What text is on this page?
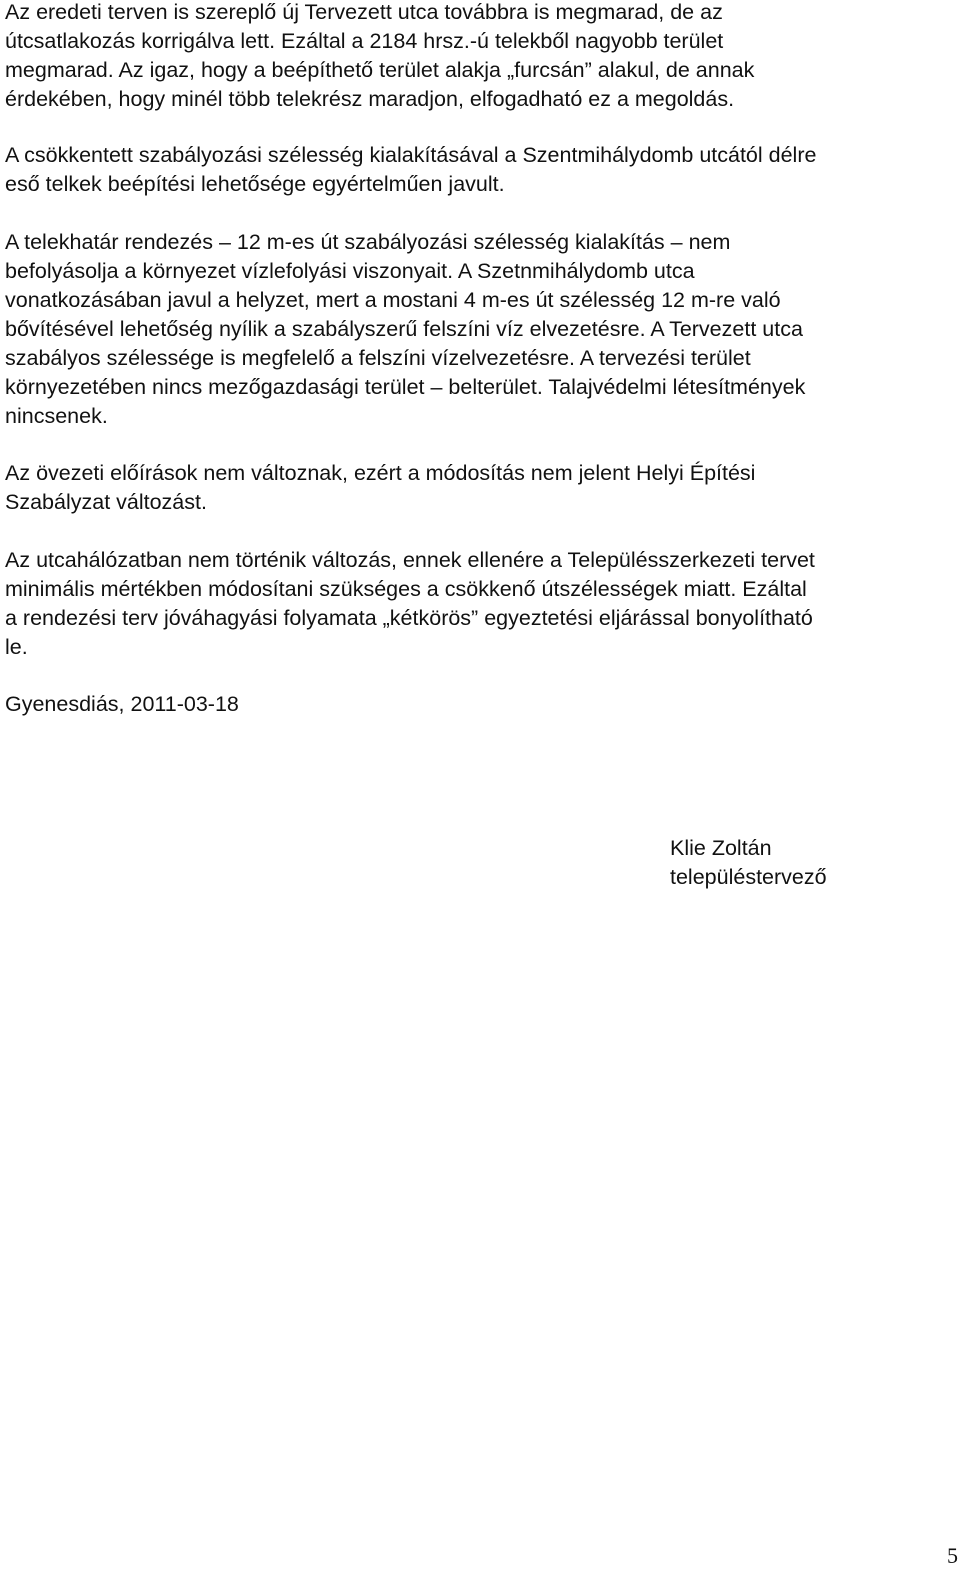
Az eredeti terven is szereplő új Tervezett utca továbbra is megmarad, de az
útcsatlakozás korrigálva lett. Ezáltal a 2184 hrsz.-ú telekből nagyobb terület
megmarad. Az igaz, hogy a beépíthető terület alakja „furcsán” alakul, de annak
érdekében, hogy minél több telekrész maradjon, elfogadható ez a megoldás.

A csökkentett szabályozási szélesség kialakításával a Szentmihálydomb utcától délre
eső telkek beépítési lehetősége egyértelműen javult.

A telekhatár rendezés – 12 m-es út szabályozási szélesség kialakítás – nem
befolyásolja a környezet vízlefolyási viszonyait. A Szetnmihálydomb utca
vonatkozásában javul a helyzet, mert a mostani 4 m-es út szélesség 12 m-re való
bővítésével lehetőség nyílik a szabályszerű felszíni víz elvezetésre. A Tervezett utca
szabályos szélessége is megfelelő a felszíni vízelvezetésre. A tervezési terület
környezetében nincs mezőgazdasági terület – belterület. Talajvédelmi létesítmények
nincsenek.

Az övezeti előírások nem változnak, ezért a módosítás nem jelent Helyi Építési
Szabályzat változást.

Az utcahálózatban nem történik változás, ennek ellenére a Településszerkezeti tervet
minimális mértékben módosítani szükséges a csökkenő útszélességek miatt. Ezáltal
a rendezési terv jóváhagyási folyamata „kétkörös” egyeztetési eljárással bonyolítható
le.

Gyenesdiás, 2011-03-18

Klie Zoltán

településtervező

5
